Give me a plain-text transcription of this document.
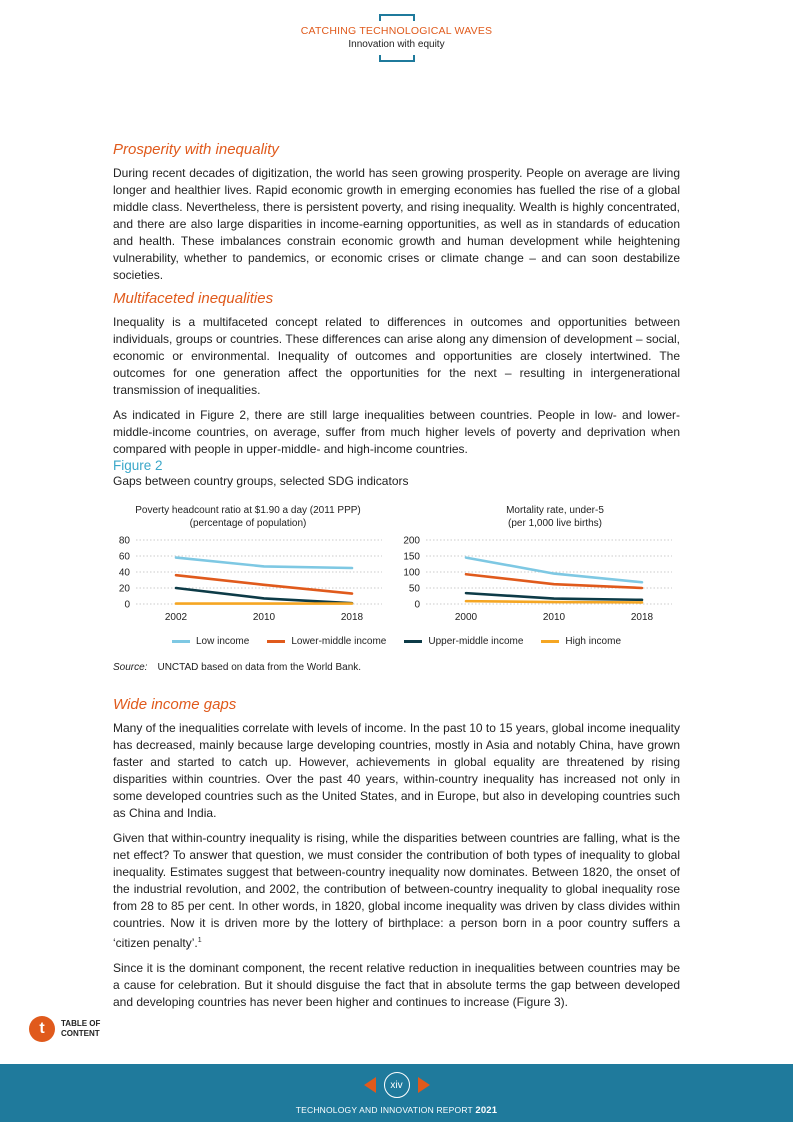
CATCHING TECHNOLOGICAL WAVES
Innovation with equity
Prosperity with inequality

During recent decades of digitization, the world has seen growing prosperity. People on average are living longer and healthier lives. Rapid economic growth in emerging economies has fuelled the rise of a global middle class. Nevertheless, there is persistent poverty, and rising inequality. Wealth is highly concentrated, and there are also large disparities in income-earning opportunities, as well as in standards of education and health. These imbalances constrain economic growth and human development while heightening vulnerability, whether to pandemics, or economic crises or climate change – and can soon destabilize societies.

Multifaceted inequalities

Inequality is a multifaceted concept related to differences in outcomes and opportunities between individuals, groups or countries. These differences can arise along any dimension of development – social, economic or environmental. Inequality of outcomes and opportunities are closely intertwined. The outcomes for one generation affect the opportunities for the next – resulting in intergenerational transmission of inequalities.

As indicated in Figure 2, there are still large inequalities between countries. People in low- and lower-middle-income countries, on average, suffer from much higher levels of poverty and deprivation when compared with people in upper-middle- and high-income countries.

Figure 2
Gaps between country groups, selected SDG indicators
Poverty headcount ratio at $1.90 a day (2011 PPP)
(percentage of population)
Mortality rate, under-5
(per 1,000 live births)
80
60
40
20
0
2002	2010	2018
200
150
100
50
0
2000	2010	2018
Low income	Lower-middle income	Upper-middle income	High income
Source: UNCTAD based on data from the World Bank.
Wide income gaps

Many of the inequalities correlate with levels of income. In the past 10 to 15 years, global income inequality has decreased, mainly because large developing countries, mostly in Asia and notably China, have grown faster and started to catch up. However, achievements in global equality are threatened by rising disparities within countries. Over the past 40 years, within-country inequality has increased not only in some developed countries such as the United States, and in Europe, but also in developing countries such as China and India.

Given that within-country inequality is rising, while the disparities between countries are falling, what is the net effect? To answer that question, we must consider the contribution of both types of inequality to global inequality. Estimates suggest that between-country inequality now dominates. Between 1820, the onset of the industrial revolution, and 2002, the contribution of between-country inequality to global inequality rose from 28 to 85 per cent. In other words, in 1820, global income inequality was driven by class divides within countries. Now it is driven more by the lottery of birthplace: a person born in a poor country suffers a ‘citizen penalty’.$^1$

Since it is the dominant component, the recent relative reduction in inequalities between countries may be a cause for celebration. But it should disguise the fact that in absolute terms the gap between developed and developing countries has never been higher and continues to increase (Figure 3).

t	TABLE OF
CONTENT
xiv
TECHNOLOGY AND INNOVATION REPORT 2021
